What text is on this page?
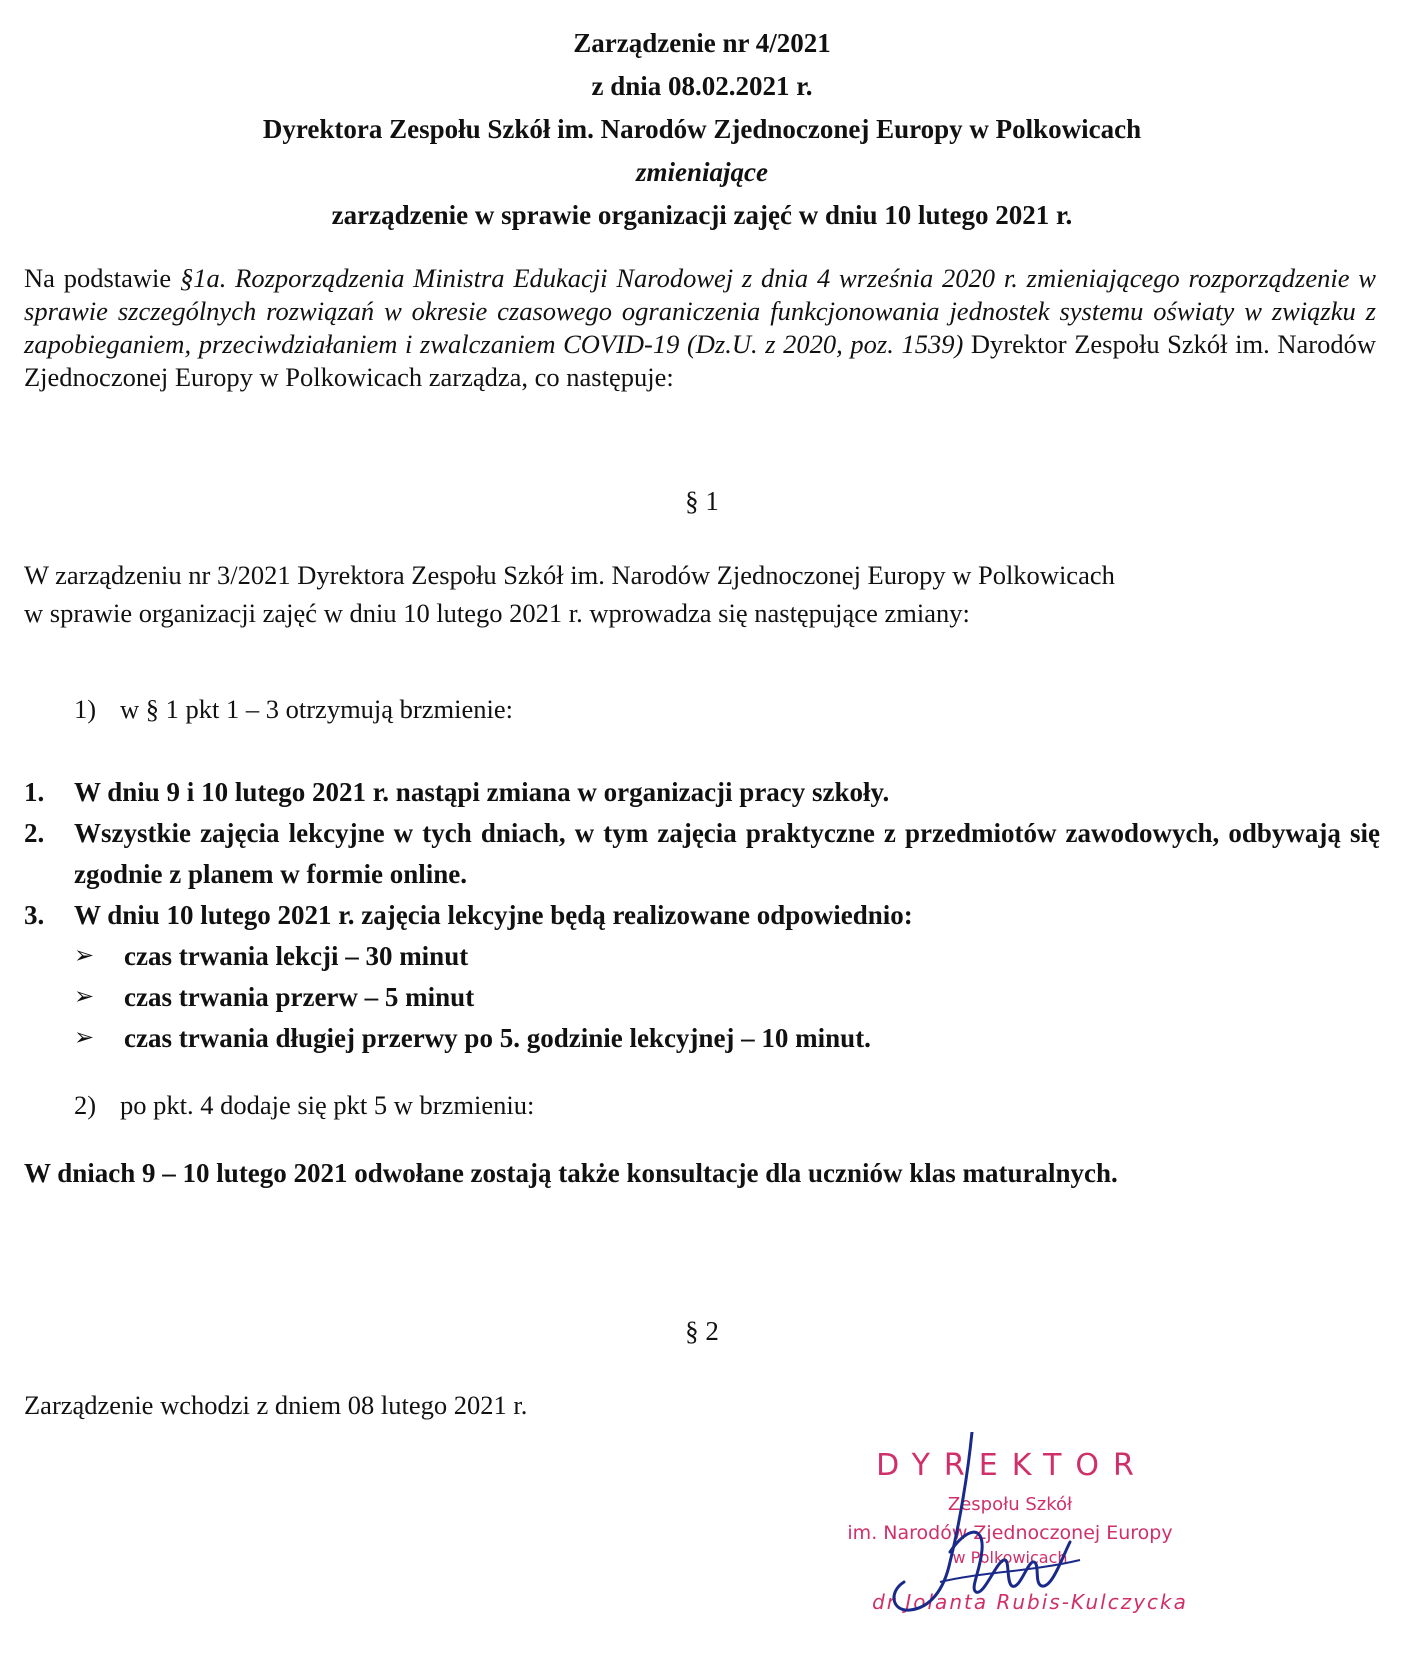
Zarządzenie nr 4/2021
z dnia 08.02.2021 r.
Dyrektora Zespołu Szkół im. Narodów Zjednoczonej Europy w Polkowicach
zmieniające
zarządzenie w sprawie organizacji zajęć w dniu 10 lutego 2021 r.
Na podstawie §1a. Rozporządzenia Ministra Edukacji Narodowej z dnia 4 września 2020 r. zmieniającego rozporządzenie w sprawie szczególnych rozwiązań w okresie czasowego ograniczenia funkcjonowania jednostek systemu oświaty w związku z zapobieganiem, przeciwdziałaniem i zwalczaniem COVID-19 (Dz.U. z 2020, poz. 1539) Dyrektor Zespołu Szkół im. Narodów Zjednoczonej Europy w Polkowicach zarządza, co następuje:
§ 1
W zarządzeniu nr 3/2021 Dyrektora Zespołu Szkół im. Narodów Zjednoczonej Europy w Polkowicach
w sprawie organizacji zajęć w dniu 10 lutego 2021 r. wprowadza się następujące zmiany:
1) w § 1 pkt 1 – 3 otrzymują brzmienie:
1. W dniu 9 i 10 lutego 2021 r. nastąpi zmiana w organizacji pracy szkoły.
2. Wszystkie zajęcia lekcyjne w tych dniach, w tym zajęcia praktyczne z przedmiotów zawodowych, odbywają się zgodnie z planem w formie online.
3. W dniu 10 lutego 2021 r. zajęcia lekcyjne będą realizowane odpowiednio:
➢ czas trwania lekcji – 30 minut
➢ czas trwania przerw – 5 minut
➢ czas trwania długiej przerwy po 5. godzinie lekcyjnej – 10 minut.
2) po pkt. 4 dodaje się pkt 5 w brzmieniu:
W dniach 9 – 10 lutego 2021 odwołane zostają także konsultacje dla uczniów klas maturalnych.
§ 2
Zarządzenie wchodzi z dniem 08 lutego 2021 r.
DYREKTOR
Zespołu Szkół
im. Narodów Zjednoczonej Europy
w Polkowicach
dr Jolanta Rubis-Kulczycka
